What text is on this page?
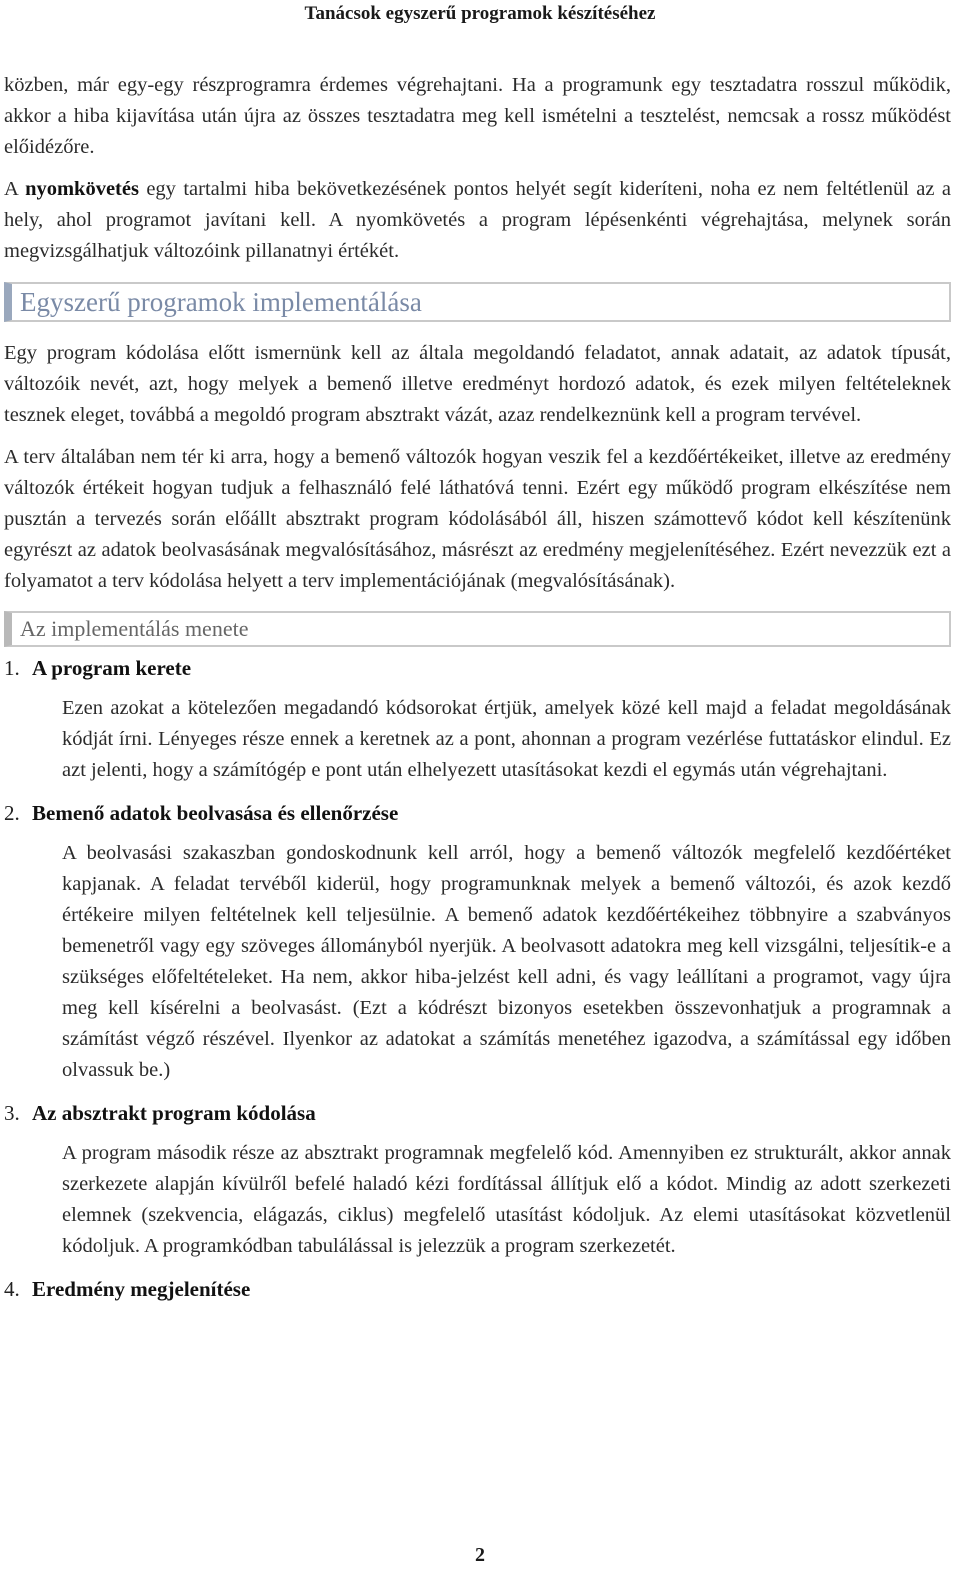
Tanácsok egyszerű programok készítéséhez

közben, már egy-egy részprogramra érdemes végrehajtani. Ha a programunk egy tesztadatra rosszul működik, akkor a hiba kijavítása után újra az összes tesztadatra meg kell ismételni a tesztelést, nemcsak a rossz működést előidézőre.

A nyomkövetés egy tartalmi hiba bekövetkezésének pontos helyét segít kideríteni, noha ez nem feltétlenül az a hely, ahol programot javítani kell. A nyomkövetés a program lépésenkénti végrehajtása, melynek során megvizsgálhatjuk változóink pillanatnyi értékét.

Egyszerű programok implementálása

Egy program kódolása előtt ismernünk kell az általa megoldandó feladatot, annak adatait, az adatok típusát, változóik nevét, azt, hogy melyek a bemenő illetve eredményt hordozó adatok, és ezek milyen feltételeknek tesznek eleget, továbbá a megoldó program absztrakt vázát, azaz rendelkeznünk kell a program tervével.

A terv általában nem tér ki arra, hogy a bemenő változók hogyan veszik fel a kezdőértékeiket, illetve az eredmény változók értékeit hogyan tudjuk a felhasználó felé láthatóvá tenni. Ezért egy működő program elkészítése nem pusztán a tervezés során előállt absztrakt program kódolásából áll, hiszen számottevő kódot kell készítenünk egyrészt az adatok beolvasásának megvalósításához, másrészt az eredmény megjelenítéséhez. Ezért nevezzük ezt a folyamatot a terv kódolása helyett a terv implementációjának (megvalósításának).

Az implementálás menete
1. A program kerete

Ezen azokat a kötelezően megadandó kódsorokat értjük, amelyek közé kell majd a feladat megoldásának kódját írni. Lényeges része ennek a keretnek az a pont, ahonnan a program vezérlése futtatáskor elindul. Ez azt jelenti, hogy a számítógép e pont után elhelyezett utasításokat kezdi el egymás után végrehajtani.

2. Bemenő adatok beolvasása és ellenőrzése

A beolvasási szakaszban gondoskodnunk kell arról, hogy a bemenő változók megfelelő kezdőértéket kapjanak. A feladat tervéből kiderül, hogy programunknak melyek a bemenő változói, és azok kezdő értékeire milyen feltételnek kell teljesülnie. A bemenő adatok kezdőértékeihez többnyire a szabványos bemenetről vagy egy szöveges állományból nyerjük. A beolvasott adatokra meg kell vizsgálni, teljesítik-e a szükséges előfeltételeket. Ha nem, akkor hiba-jelzést kell adni, és vagy leállítani a programot, vagy újra meg kell kísérelni a beolvasást. (Ezt a kódrészt bizonyos esetekben összevonhatjuk a programnak a számítást végző részével. Ilyenkor az adatokat a számítás menetéhez igazodva, a számítással egy időben olvassuk be.)

3. Az absztrakt program kódolása

A program második része az absztrakt programnak megfelelő kód. Amennyiben ez strukturált, akkor annak szerkezete alapján kívülről befelé haladó kézi fordítással állítjuk elő a kódot. Mindig az adott szerkezeti elemnek (szekvencia, elágazás, ciklus) megfelelő utasítást kódoljuk. Az elemi utasításokat közvetlenül kódoljuk. A programkódban tabulálással is jelezzük a program szerkezetét.

4. Eredmény megjelenítése
2
